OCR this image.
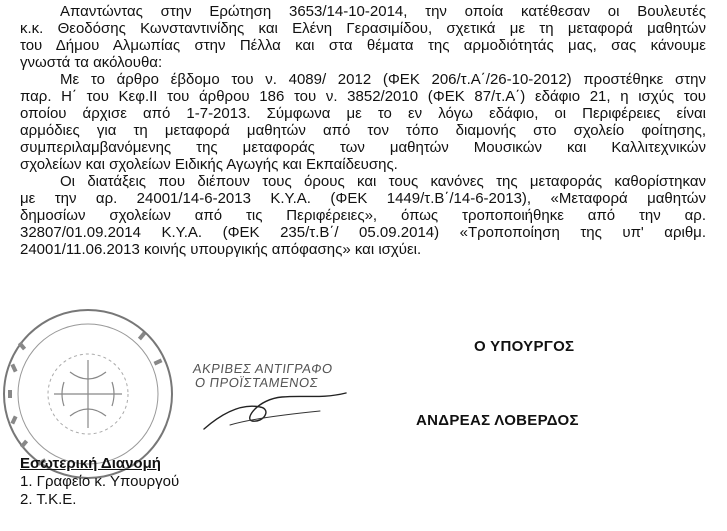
Απαντώντας στην Ερώτηση 3653/14-10-2014, την οποία κατέθεσαν οι Βουλευτές
κ.κ. Θεοδόσης Κωνσταντινίδης και Ελένη Γερασιμίδου, σχετικά με τη μεταφορά μαθητών
του Δήμου Αλμωπίας στην Πέλλα και στα θέματα της αρμοδιότητάς μας, σας κάνουμε
γνωστά τα ακόλουθα:
Με το άρθρο έβδομο του ν. 4089/ 2012 (ΦΕΚ 206/τ.Α΄/26-10-2012) προστέθηκε στην
παρ. Η΄ του Κεφ.ΙΙ του άρθρου 186 του ν. 3852/2010 (ΦΕΚ 87/τ.Α΄) εδάφιο 21, η ισχύς του
οποίου άρχισε από 1-7-2013. Σύμφωνα με το εν λόγω εδάφιο, οι Περιφέρειες είναι
αρμόδιες για τη μεταφορά μαθητών από τον τόπο διαμονής στο σχολείο φοίτησης,
συμπεριλαμβανόμενης της μεταφοράς των μαθητών Μουσικών και Καλλιτεχνικών
σχολείων και σχολείων Ειδικής Αγωγής και Εκπαίδευσης.
Οι διατάξεις που διέπουν τους όρους και τους κανόνες της μεταφοράς καθορίστηκαν
με την αρ. 24001/14-6-2013 Κ.Υ.Α. (ΦΕΚ 1449/τ.Β΄/14-6-2013), «Μεταφορά μαθητών
δημοσίων σχολείων από τις Περιφέρειες», όπως τροποποιήθηκε από την αρ.
32807/01.09.2014 Κ.Υ.Α. (ΦΕΚ 235/τ.Β΄/ 05.09.2014) «Τροποποίηση της υπ' αριθμ.
24001/11.06.2013 κοινής υπουργικής απόφασης» και ισχύει.
ΑΚΡΙΒΕΣ ΑΝΤΙΓΡΑΦΟ
Ο ΠΡΟΪΣΤΑΜΕΝΟΣ
Ο ΥΠΟΥΡΓΟΣ
ΑΝΔΡΕΑΣ ΛΟΒΕΡΔΟΣ
Εσωτερική Διανομή
1. Γραφείο κ. Υπουργού
2. Τ.Κ.Ε.
